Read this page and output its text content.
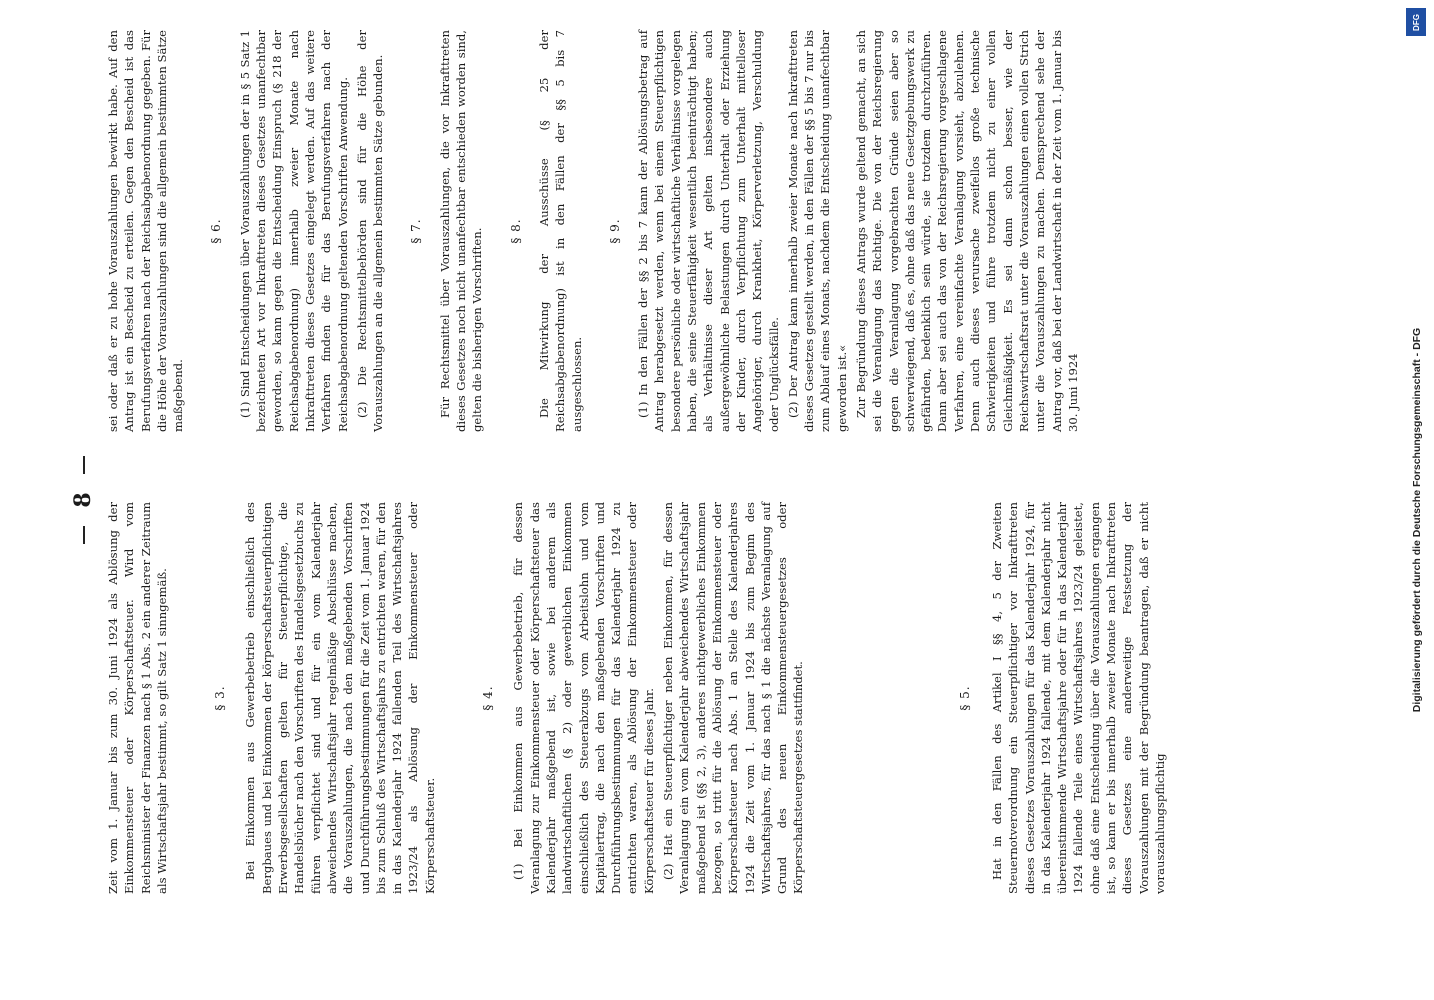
8

Zeit vom 1. Januar bis zum 30. Juni 1924 als Ablösung der Einkommensteuer oder Körperschaftsteuer. Wird vom Reichsminister der Finanzen nach § 1 Abs. 2 ein anderer Zeitraum als Wirtschaftsjahr bestimmt, so gilt Satz 1 sinngemäß.	§ 3. Bei Einkommen aus Gewerbebetrieb einschließlich des Bergbaues und bei Einkommen der körperschaftsteuerpflichtigen Erwerbsgesellschaften gelten für Steuerpflichtige, die Handelsbücher nach den Vorschriften des Handelsgesetzbuchs zu führen verpflichtet sind und für ein vom Kalenderjahr abweichendes Wirtschaftsjahr regelmäßige Abschlüsse machen, die Vorauszahlungen, die nach den maßgebenden Vorschriften und Durchführungsbestimmungen für die Zeit vom 1. Januar 1924 bis zum Schluß des Wirtschaftsjahrs zu entrichten waren, für den in das Kalenderjahr 1924 fallenden Teil des Wirtschaftsjahres 1923/24 als Ablösung der Einkommensteuer oder Körperschaftsteuer.

§ 4. (1) Bei Einkommen aus Gewerbebetrieb, für dessen Veranlagung zur Einkommensteuer oder Körperschaftsteuer das Kalenderjahr maßgebend ist, sowie bei anderem als landwirtschaftlichen (§ 2) oder gewerblichen Einkommen einschließlich des Steuerabzugs vom Arbeitslohn und vom Kapitalertrag, die nach den maßgebenden Vorschriften und Durchführungsbestimmungen für das Kalenderjahr 1924 zu entrichten waren, als Ablösung der Einkommensteuer oder Körperschaftsteuer für dieses Jahr. (2) Hat ein Steuerpflichtiger neben Einkommen, für dessen Veranlagung ein vom Kalenderjahr abweichendes Wirtschaftsjahr maßgebend ist (§§ 2, 3), anderes nichtgewerbliches Einkommen bezogen, so tritt für die Ablösung der Einkommensteuer oder Körperschaftsteuer nach Abs. 1 an Stelle des Kalenderjahres 1924 die Zeit vom 1. Januar 1924 bis zum Beginn des Wirtschaftsjahres, für das nach § 1 die nächste Veranlagung auf Grund des neuen Einkommensteuergesetzes oder Körperschaftsteuergesetzes stattfindet.	§ 5. Hat in den Fällen des Artikel I §§ 4, 5 der Zweiten Steuernotverordnung ein Steuerpflichtiger vor Inkrafttreten dieses Gesetzes Vorauszahlungen für das Kalenderjahr 1924, für in das Kalenderjahr 1924 fallende, mit dem Kalenderjahr nicht übereinstimmende Wirtschaftsjahre oder für in das Kalenderjahr 1924 fallende Teile eines Wirtschaftsjahres 1923/24 geleistet, ohne daß eine Entscheidung über die Vorauszahlungen ergangen ist, so kann er bis innerhalb zweier Monate nach Inkrafttreten dieses Gesetzes eine anderweitige Festsetzung der Vorauszahlungen mit der Begründung beantragen, daß er nicht vorauszahlungspflichtig

sei oder daß er zu hohe Vorauszahlungen bewirkt habe. Auf den Antrag ist ein Bescheid zu erteilen. Gegen den Bescheid ist das Berufungsverfahren nach der Reichsabgabenordnung gegeben. Für die Höhe der Vorauszahlungen sind die allgemein bestimmten Sätze maßgebend.

§ 6. (1) Sind Entscheidungen über Vorauszahlungen der in § 5 Satz 1 bezeichneten Art vor Inkrafttreten dieses Gesetzes unanfechtbar geworden, so kann gegen die Entscheidung Einspruch (§ 218 der Reichsabgabenordnung) innerhalb zweier Monate nach Inkrafttreten dieses Gesetzes eingelegt werden. Auf das weitere Verfahren finden die für das Berufungsverfahren nach der Reichsabgabenordnung geltenden Vorschriften Anwendung. (2) Die Rechtsmittelbehörden sind für die Höhe der Vorauszahlungen an die allgemein bestimmten Sätze gebunden. § 7. Für Rechtsmittel über Vorauszahlungen, die vor Inkrafttreten dieses Gesetzes noch nicht unanfechtbar entschieden worden sind, gelten die bisherigen Vorschriften. § 8. Die Mitwirkung der Ausschüsse (§ 25 der Reichsabgabenordnung) ist in den Fällen der §§ 5 bis 7 ausgeschlossen.

§ 9. (1) In den Fällen der §§ 2 bis 7 kann der Ablösungsbetrag auf Antrag herabgesetzt werden, wenn bei einem Steuerpflichtigen besondere persönliche oder wirtschaftliche Verhältnisse vorgelegen haben, die seine Steuerfähigkeit wesentlich beeinträchtigt haben; als Verhältnisse dieser Art gelten insbesondere auch außergewöhnliche Belastungen durch Unterhalt oder Erziehung der Kinder, durch Verpflichtung zum Unterhalt mittelloser Angehöriger, durch Krankheit, Körperverletzung, Verschuldung oder Unglücksfälle. (2) Der Antrag kann innerhalb zweier Monate nach Inkrafttreten dieses Gesetzes gestellt werden, in den Fällen der §§ 5 bis 7 nur bis zum Ablauf eines Monats, nachdem die Entscheidung unanfechtbar geworden ist.« Zur Begründung dieses Antrags wurde geltend gemacht, an sich sei die Veranlagung das Richtige. Die von der Reichsregierung gegen die Veranlagung vorgebrachten Gründe seien aber so schwerwiegend, daß es, ohne daß das neue Gesetzgebungswerk zu gefährden, bedenklich sein würde, sie trotzdem durchzuführen. Dann aber sei auch das von der Reichsregierung vorgeschlagene Verfahren, eine vereinfachte Veranlagung vorsieht, abzulehnen. Denn auch dieses verursache zweifellos große technische Schwierigkeiten und führe trotzdem nicht zu einer vollen Gleichmäßigkeit. Es sei dann schon besser, wie der Reichswirtschaftsrat unter die Vorauszahlungen einen vollen Strich unter die Vorauszahlungen zu machen. Demsprechend sehe der Antrag vor, daß bei der Landwirtschaft in der Zeit vom 1. Januar bis 30. Juni 1924

DFG
Digitalisierung gefördert durch die Deutsche Forschungsgemeinschaft - DFG
